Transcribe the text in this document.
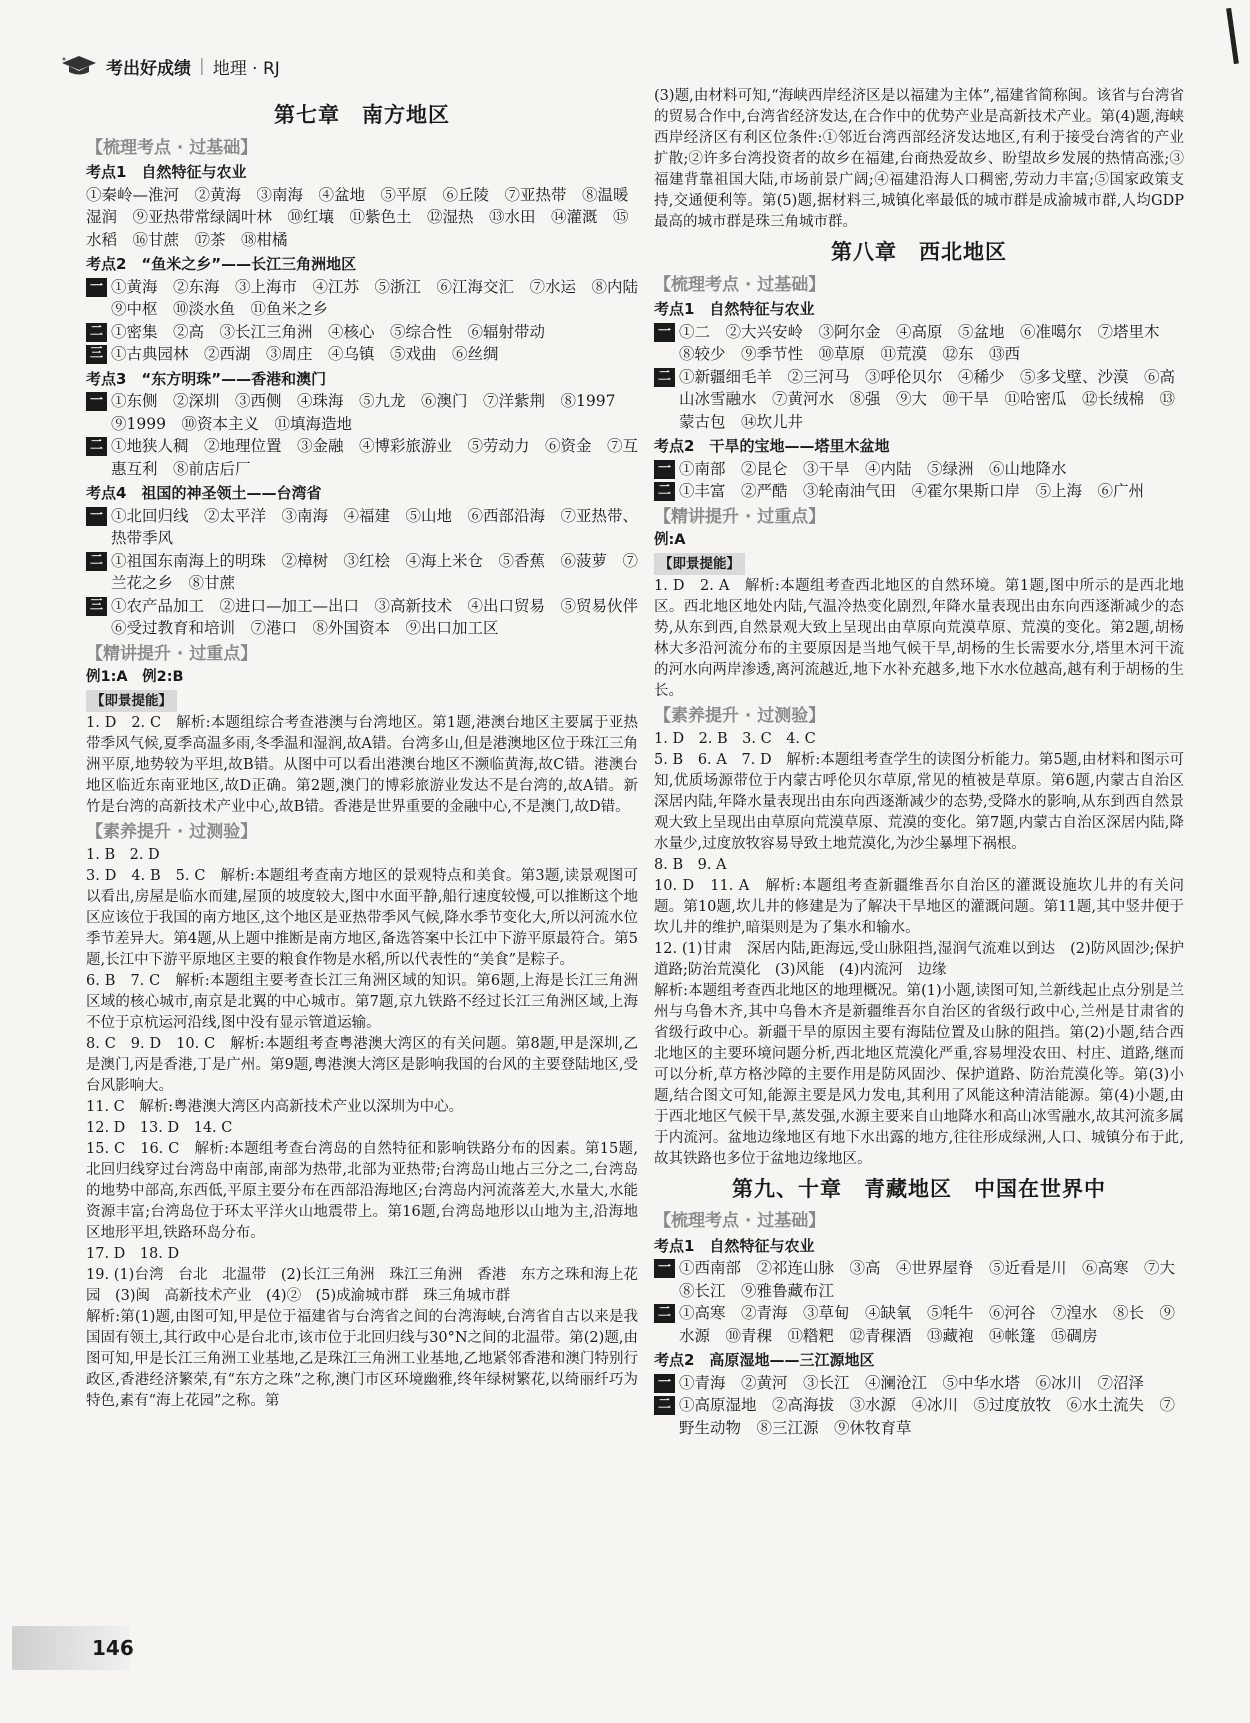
考出好成绩 | 地理 · RJ
第七章　南方地区
【梳理考点 · 过基础】
考点1　自然特征与农业
①秦岭—淮河　②黄海　③南海　④盆地　⑤平原　⑥丘陵　⑦亚热带　⑧温暖湿润　⑨亚热带常绿阔叶林　⑩红壤　⑪紫色土　⑫湿热　⑬水田　⑭灌溉　⑮水稻　⑯甘蔗　⑰茶　⑱柑橘
考点2　“鱼米之乡”——长江三角洲地区
一 ①黄海　②东海　③上海市　④江苏　⑤浙江　⑥江海交汇　⑦水运　⑧内陆　⑨中枢　⑩淡水鱼　⑪鱼米之乡
二 ①密集　②高　③长江三角洲　④核心　⑤综合性　⑥辐射带动
三 ①古典园林　②西湖　③周庄　④乌镇　⑤戏曲　⑥丝绸
考点3　“东方明珠”——香港和澳门
一 ①东侧　②深圳　③西侧　④珠海　⑤九龙　⑥澳门　⑦洋紫荆　⑧1997　⑨1999　⑩资本主义　⑪填海造地
二 ①地狭人稠　②地理位置　③金融　④博彩旅游业　⑤劳动力　⑥资金　⑦互惠互利　⑧前店后厂
考点4　祖国的神圣领土——台湾省
一 ①北回归线　②太平洋　③南海　④福建　⑤山地　⑥西部沿海　⑦亚热带、热带季风
二 ①祖国东南海上的明珠　②樟树　③红桧　④海上米仓　⑤香蕉　⑥菠萝　⑦兰花之乡　⑧甘蔗
三 ①农产品加工　②进口—加工—出口　③高新技术　④出口贸易　⑤贸易伙伴　⑥受过教育和培训　⑦港口　⑧外国资本　⑨出口加工区
【精讲提升 · 过重点】
例1:A　例2:B
【即景提能】
1. D　2. C　解析:本题组综合考查港澳与台湾地区。第1题,港澳台地区主要属于亚热带季风气候,夏季高温多雨,冬季温和湿润,故A错。台湾多山,但是港澳地区位于珠江三角洲平原,地势较为平坦,故B错。从图中可以看出港澳台地区不濒临黄海,故C错。港澳台地区临近东南亚地区,故D正确。第2题,澳门的博彩旅游业发达不是台湾的,故A错。新竹是台湾的高新技术产业中心,故B错。香港是世界重要的金融中心,不是澳门,故D错。
【素养提升 · 过测验】
1. B　2. D
3. D　4. B　5. C　解析:本题组考查南方地区的景观特点和美食。第3题,读景观图可以看出,房屋是临水而建,屋顶的坡度较大,图中水面平静,船行速度较慢,可以推断这个地区应该位于我国的南方地区,这个地区是亚热带季风气候,降水季节变化大,所以河流水位季节差异大。第4题,从上题中推断是南方地区,备选答案中长江中下游平原最符合。第5题,长江中下游平原地区主要的粮食作物是水稻,所以代表性的“美食”是粽子。
6. B　7. C　解析:本题组主要考查长江三角洲区域的知识。第6题,上海是长江三角洲区域的核心城市,南京是北翼的中心城市。第7题,京九铁路不经过长江三角洲区域,上海不位于京杭运河沿线,图中没有显示管道运输。
8. C　9. D　10. C　解析:本题组考查粤港澳大湾区的有关问题。第8题,甲是深圳,乙是澳门,丙是香港,丁是广州。第9题,粤港澳大湾区是影响我国的台风的主要登陆地区,受台风影响大。
11. C　解析:粤港澳大湾区内高新技术产业以深圳为中心。
12. D　13. D　14. C
15. C　16. C　解析:本题组考查台湾岛的自然特征和影响铁路分布的因素。第15题,北回归线穿过台湾岛中南部,南部为热带,北部为亚热带;台湾岛山地占三分之二,台湾岛的地势中部高,东西低,平原主要分布在西部沿海地区;台湾岛内河流落差大,水量大,水能资源丰富;台湾岛位于环太平洋火山地震带上。第16题,台湾岛地形以山地为主,沿海地区地形平坦,铁路环岛分布。
17. D　18. D
19. (1)台湾　台北　北温带　(2)长江三角洲　珠江三角洲　香港　东方之珠和海上花园　(3)闽　高新技术产业　(4)②　(5)成渝城市群　珠三角城市群
解析:第(1)题,由图可知,甲是位于福建省与台湾省之间的台湾海峡,台湾省自古以来是我国固有领土,其行政中心是台北市,该市位于北回归线与30°N之间的北温带。第(2)题,由图可知,甲是长江三角洲工业基地,乙是珠江三角洲工业基地,乙地紧邻香港和澳门特别行政区,香港经济繁荣,有“东方之珠”之称,澳门市区环境幽雅,终年绿树繁花,以绮丽纤巧为特色,素有“海上花园”之称。第
(3)题,由材料可知,“海峡西岸经济区是以福建为主体”,福建省简称闽。该省与台湾省的贸易合作中,台湾省经济发达,在合作中的优势产业是高新技术产业。第(4)题,海峡西岸经济区有利区位条件:①邻近台湾西部经济发达地区,有利于接受台湾省的产业扩散;②许多台湾投资者的故乡在福建,台商热爱故乡、盼望故乡发展的热情高涨;③福建背靠祖国大陆,市场前景广阔;④福建沿海人口稠密,劳动力丰富;⑤国家政策支持,交通便利等。第(5)题,据材料三,城镇化率最低的城市群是成渝城市群,人均GDP最高的城市群是珠三角城市群。
第八章　西北地区
【梳理考点 · 过基础】
考点1　自然特征与农业
一 ①二　②大兴安岭　③阿尔金　④高原　⑤盆地　⑥准噶尔　⑦塔里木　⑧较少　⑨季节性　⑩草原　⑪荒漠　⑫东　⑬西
二 ①新疆细毛羊　②三河马　③呼伦贝尔　④稀少　⑤多戈壁、沙漠　⑥高山冰雪融水　⑦黄河水　⑧强　⑨大　⑩干旱　⑪哈密瓜　⑫长绒棉　⑬蒙古包　⑭坎儿井
考点2　干旱的宝地——塔里木盆地
一 ①南部　②昆仑　③干旱　④内陆　⑤绿洲　⑥山地降水
二 ①丰富　②严酷　③轮南油气田　④霍尔果斯口岸　⑤上海　⑥广州
【精讲提升 · 过重点】
例:A
【即景提能】
1. D　2. A　解析:本题组考查西北地区的自然环境。第1题,图中所示的是西北地区。西北地区地处内陆,气温冷热变化剧烈,年降水量表现出由东向西逐渐减少的态势,从东到西,自然景观大致上呈现出由草原向荒漠草原、荒漠的变化。第2题,胡杨林大多沿河流分布的主要原因是当地气候干旱,胡杨的生长需要水分,塔里木河干流的河水向两岸渗透,离河流越近,地下水补充越多,地下水水位越高,越有利于胡杨的生长。
【素养提升 · 过测验】
1. D　2. B　3. C　4. C
5. B　6. A　7. D　解析:本题组考查学生的读图分析能力。第5题,由材料和图示可知,优质场源带位于内蒙古呼伦贝尔草原,常见的植被是草原。第6题,内蒙古自治区深居内陆,年降水量表现出由东向西逐渐减少的态势,受降水的影响,从东到西自然景观大致上呈现出由草原向荒漠草原、荒漠的变化。第7题,内蒙古自治区深居内陆,降水量少,过度放牧容易导致土地荒漠化,为沙尘暴埋下祸根。
8. B　9. A
10. D　11. A　解析:本题组考查新疆维吾尔自治区的灌溉设施坎儿井的有关问题。第10题,坎儿井的修建是为了解决干旱地区的灌溉问题。第11题,其中竖井便于坎儿井的维护,暗渠则是为了集水和输水。
12. (1)甘肃　深居内陆,距海远,受山脉阻挡,湿润气流难以到达　(2)防风固沙;保护道路;防治荒漠化　(3)风能　(4)内流河　边缘
解析:本题组考查西北地区的地理概况。第(1)小题,读图可知,兰新线起止点分别是兰州与乌鲁木齐,其中乌鲁木齐是新疆维吾尔自治区的省级行政中心,兰州是甘肃省的省级行政中心。新疆干旱的原因主要有海陆位置及山脉的阻挡。第(2)小题,结合西北地区的主要环境问题分析,西北地区荒漠化严重,容易埋没农田、村庄、道路,继而可以分析,草方格沙障的主要作用是防风固沙、保护道路、防治荒漠化等。第(3)小题,结合图文可知,能源主要是风力发电,其利用了风能这种清洁能源。第(4)小题,由于西北地区气候干旱,蒸发强,水源主要来自山地降水和高山冰雪融水,故其河流多属于内流河。盆地边缘地区有地下水出露的地方,往往形成绿洲,人口、城镇分布于此,故其铁路也多位于盆地边缘地区。
第九、十章　青藏地区　中国在世界中
【梳理考点 · 过基础】
考点1　自然特征与农业
一 ①西南部　②祁连山脉　③高　④世界屋脊　⑤近看是川　⑥高寒　⑦大　⑧长江　⑨雅鲁藏布江
二 ①高寒　②青海　③草甸　④缺氧　⑤牦牛　⑥河谷　⑦湟水　⑧长　⑨水源　⑩青稞　⑪糌粑　⑫青稞酒　⑬藏袍　⑭帐篷　⑮碉房
考点2　高原湿地——三江源地区
一 ①青海　②黄河　③长江　④澜沧江　⑤中华水塔　⑥冰川　⑦沼泽
二 ①高原湿地　②高海拔　③水源　④冰川　⑤过度放牧　⑥水土流失　⑦野生动物　⑧三江源　⑨休牧育草
146
